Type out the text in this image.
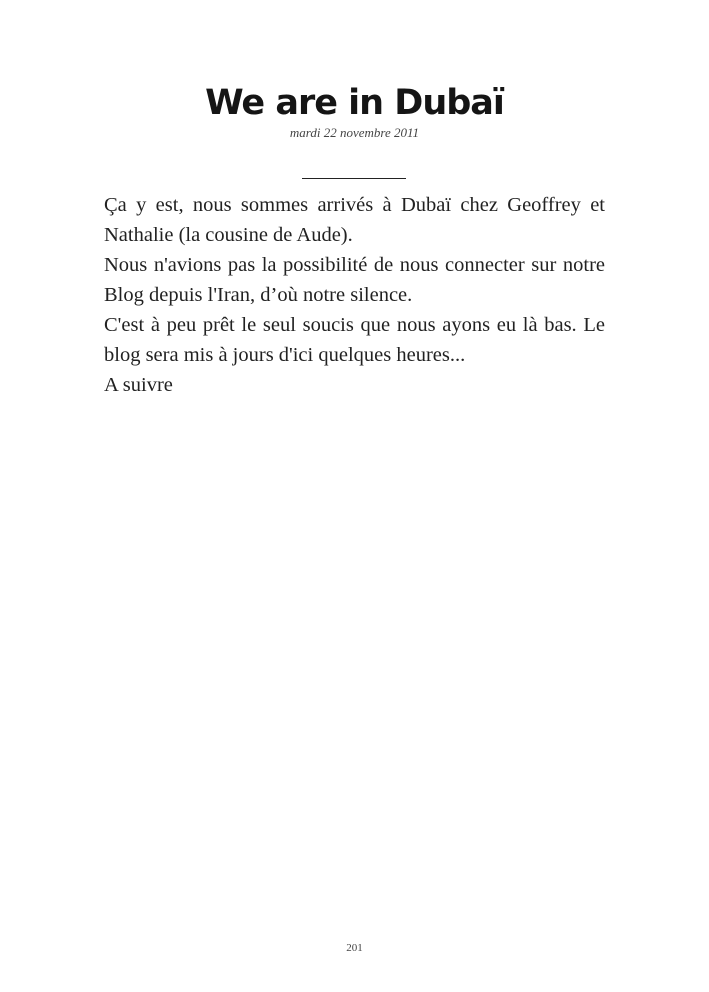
We are in Dubaï
mardi 22 novembre 2011

Ça y est, nous sommes arrivés à Dubaï chez Geoffrey et Nathalie (la cousine de Aude).

Nous n'avions pas la possibilité de nous connecter sur notre Blog depuis l'Iran, d’où notre silence.

C'est à peu prêt le seul soucis que nous ayons eu là bas. Le blog sera mis à jours d'ici quelques heures...

A suivre

201
